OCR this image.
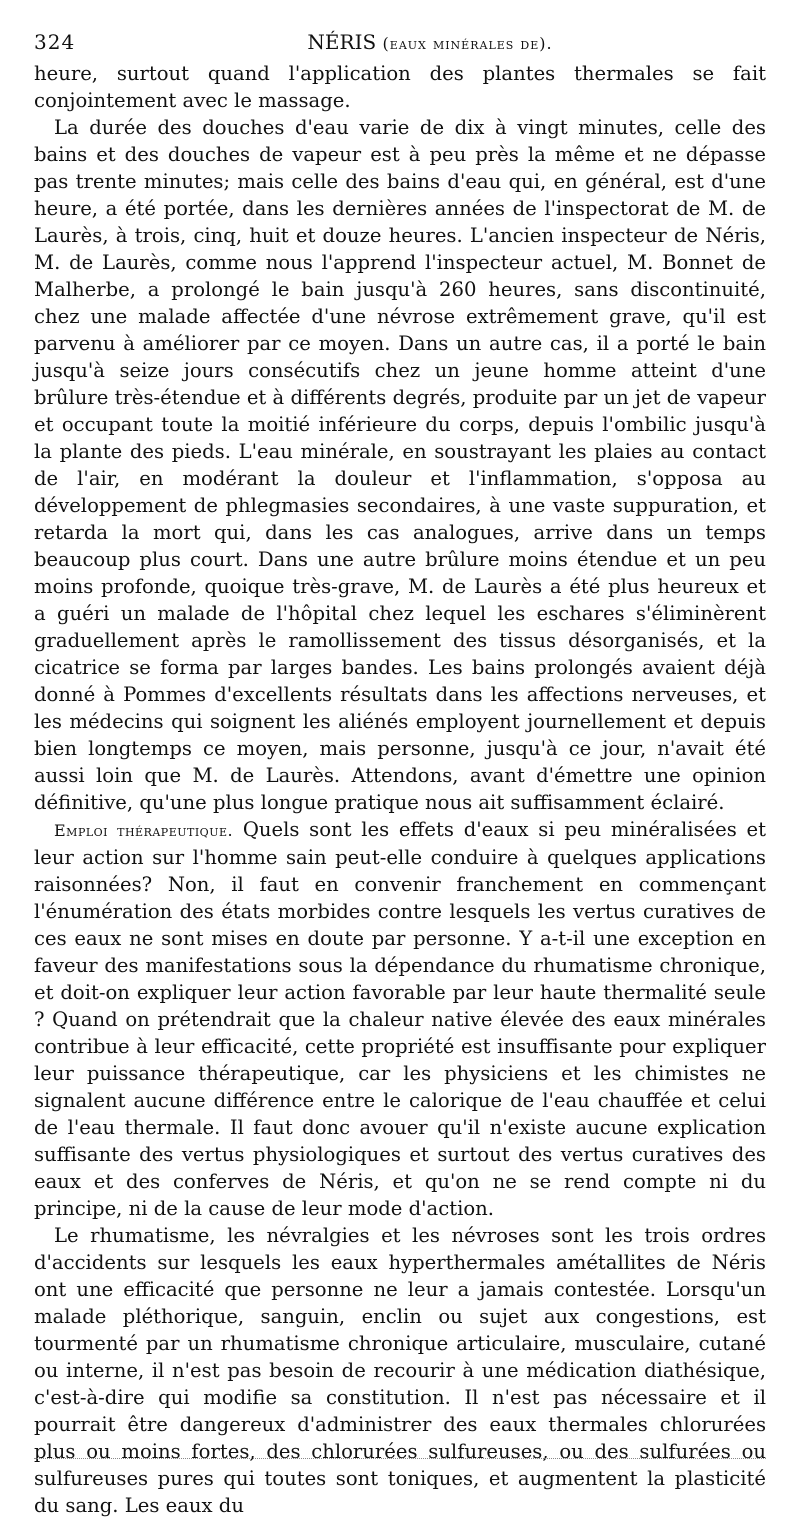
324	NÉRIS (eaux minérales de).

heure, surtout quand l'application des plantes thermales se fait conjointement avec le massage.

La durée des douches d'eau varie de dix à vingt minutes, celle des bains et des douches de vapeur est à peu près la même et ne dépasse pas trente minutes; mais celle des bains d'eau qui, en général, est d'une heure, a été portée, dans les dernières années de l'inspectorat de M. de Laurès, à trois, cinq, huit et douze heures. L'ancien inspecteur de Néris, M. de Laurès, comme nous l'apprend l'inspecteur actuel, M. Bonnet de Malherbe, a prolongé le bain jusqu'à 260 heures, sans discontinuité, chez une malade affectée d'une névrose extrêmement grave, qu'il est parvenu à améliorer par ce moyen. Dans un autre cas, il a porté le bain jusqu'à seize jours consécutifs chez un jeune homme atteint d'une brûlure très-étendue et à différents degrés, produite par un jet de vapeur et occupant toute la moitié inférieure du corps, depuis l'ombilic jusqu'à la plante des pieds. L'eau minérale, en soustrayant les plaies au contact de l'air, en modérant la douleur et l'inflammation, s'opposa au développement de phlegmasies secondaires, à une vaste suppuration, et retarda la mort qui, dans les cas analogues, arrive dans un temps beaucoup plus court. Dans une autre brûlure moins étendue et un peu moins profonde, quoique très-grave, M. de Laurès a été plus heureux et a guéri un malade de l'hôpital chez lequel les eschares s'éliminèrent graduellement après le ramollissement des tissus désorganisés, et la cicatrice se forma par larges bandes. Les bains prolongés avaient déjà donné à Pommes d'excellents résultats dans les affections nerveuses, et les médecins qui soignent les aliénés employent journellement et depuis bien longtemps ce moyen, mais personne, jusqu'à ce jour, n'avait été aussi loin que M. de Laurès. Attendons, avant d'émettre une opinion définitive, qu'une plus longue pratique nous ait suffisamment éclairé.

Emploi thérapeutique. Quels sont les effets d'eaux si peu minéralisées et leur action sur l'homme sain peut-elle conduire à quelques applications raisonnées? Non, il faut en convenir franchement en commençant l'énumération des états morbides contre lesquels les vertus curatives de ces eaux ne sont mises en doute par personne. Y a-t-il une exception en faveur des manifestations sous la dépendance du rhumatisme chronique, et doit-on expliquer leur action favorable par leur haute thermalité seule ? Quand on prétendrait que la chaleur native élevée des eaux minérales contribue à leur efficacité, cette propriété est insuffisante pour expliquer leur puissance thérapeutique, car les physiciens et les chimistes ne signalent aucune différence entre le calorique de l'eau chauffée et celui de l'eau thermale. Il faut donc avouer qu'il n'existe aucune explication suffisante des vertus physiologiques et surtout des vertus curatives des eaux et des conferves de Néris, et qu'on ne se rend compte ni du principe, ni de la cause de leur mode d'action.

Le rhumatisme, les névralgies et les névroses sont les trois ordres d'accidents sur lesquels les eaux hyperthermales amétallites de Néris ont une efficacité que personne ne leur a jamais contestée. Lorsqu'un malade pléthorique, sanguin, enclin ou sujet aux congestions, est tourmenté par un rhumatisme chronique articulaire, musculaire, cutané ou interne, il n'est pas besoin de recourir à une médication diathésique, c'est-à-dire qui modifie sa constitution. Il n'est pas nécessaire et il pourrait être dangereux d'administrer des eaux thermales chlorurées plus ou moins fortes, des chlorurées sulfureuses, ou des sulfurées ou sulfureuses pures qui toutes sont toniques, et augmentent la plasticité du sang. Les eaux du
